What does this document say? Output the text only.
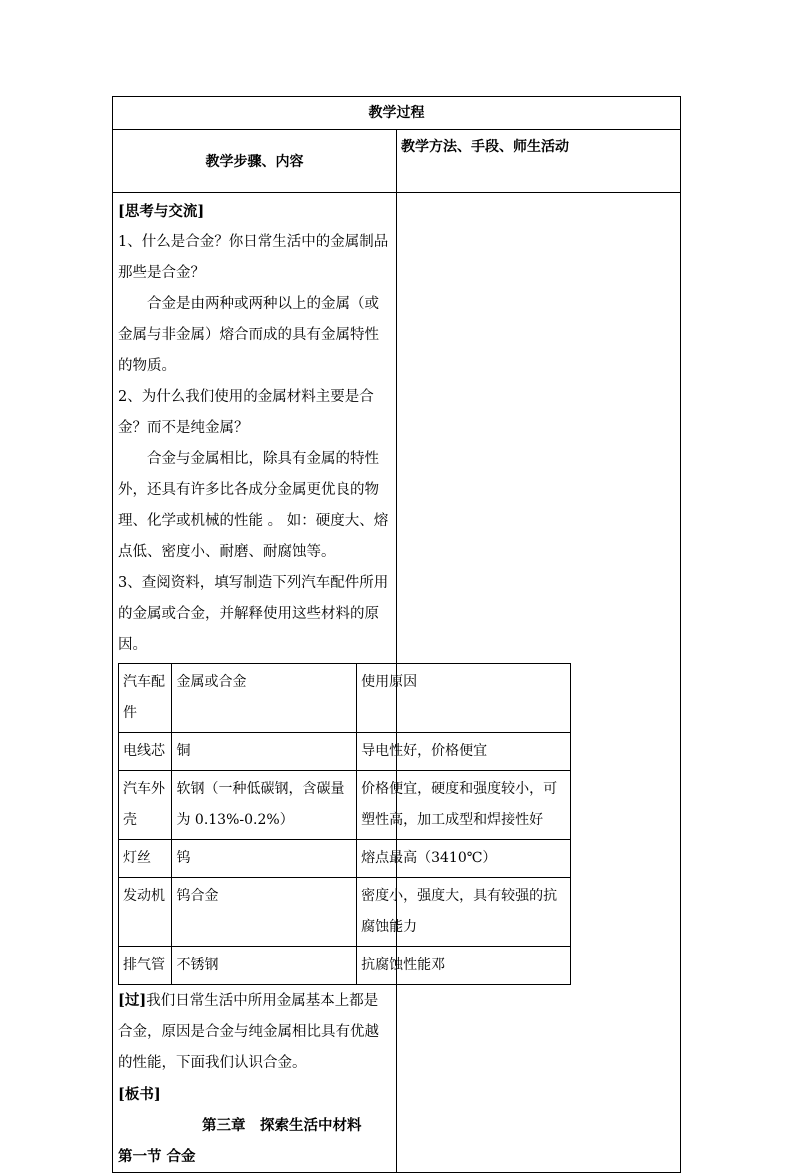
教学过程
教学步骤、内容	教学方法、手段、师生活动

[思考与交流]

1、什么是合金？你日常生活中的金属制品那些是合金？

合金是由两种或两种以上的金属（或金属与非金属）熔合而成的具有金属特性的物质。

2、为什么我们使用的金属材料主要是合金？而不是纯金属？

合金与金属相比，除具有金属的特性外，还具有许多比各成分金属更优良的物理、化学或机械的性能 。 如：硬度大、熔点低、密度小、耐磨、耐腐蚀等。

3、查阅资料，填写制造下列汽车配件所用的金属或合金，并解释使用这些材料的原因。

汽车配件	金属或合金	使用原因
电线芯	铜	导电性好，价格便宜
汽车外壳	软钢（一种低碳钢，含碳量为 0.13%-0.2%）	价格便宜，硬度和强度较小，可塑性高，加工成型和焊接性好
灯丝	钨	熔点最高（3410℃）
发动机	钨合金	密度小，强度大，具有较强的抗腐蚀能力
排气管	不锈钢	抗腐蚀性能邓

[过]我们日常生活中所用金属基本上都是合金，原因是合金与纯金属相比具有优越的性能，下面我们认识合金。

[板书]第三章　探索生活中材料

第一节 合金
